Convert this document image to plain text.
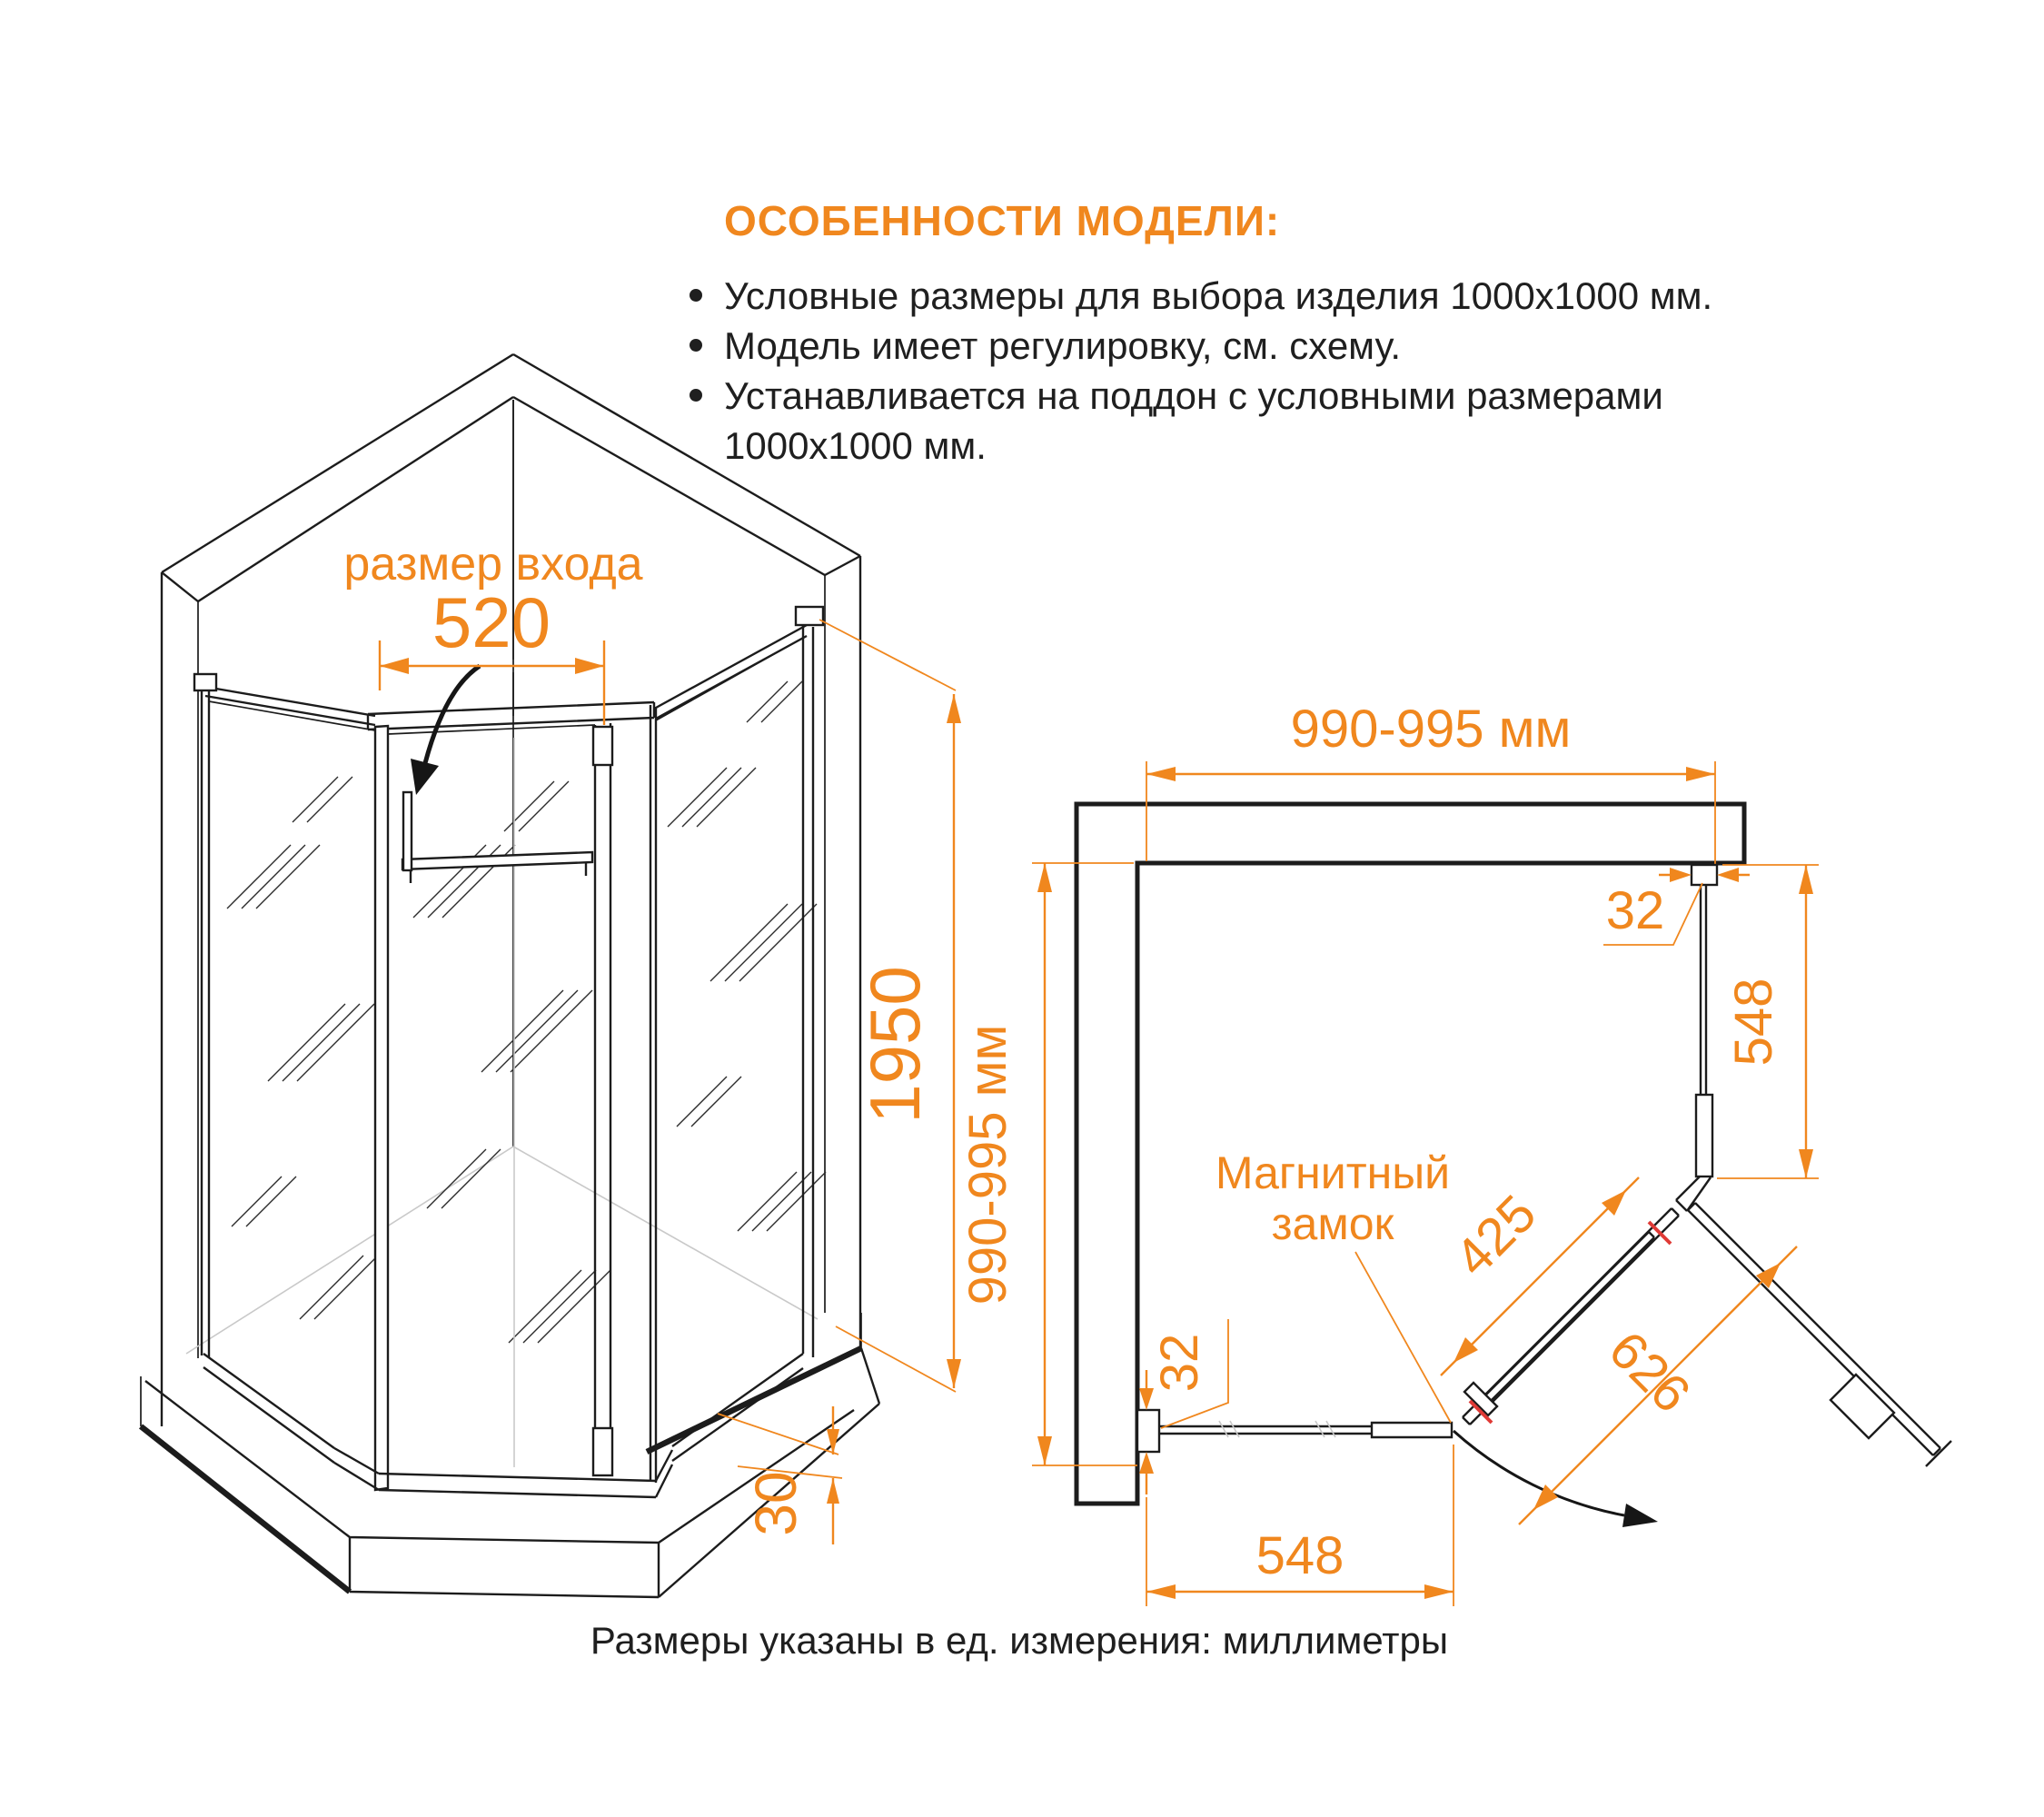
ОСОБЕННОСТИ МОДЕЛИ:
Условные размеры для выбора изделия 1000x1000 мм.
Модель имеет регулировку, см. схему.
Устанавливается на поддон с условными размерами 1000x1000 мм.
размер входа
520
1950
30
990-995 мм
990-995 мм
32
548
32
548
425
626
Магнитный
замок
Размеры указаны в ед. измерения: миллиметры
